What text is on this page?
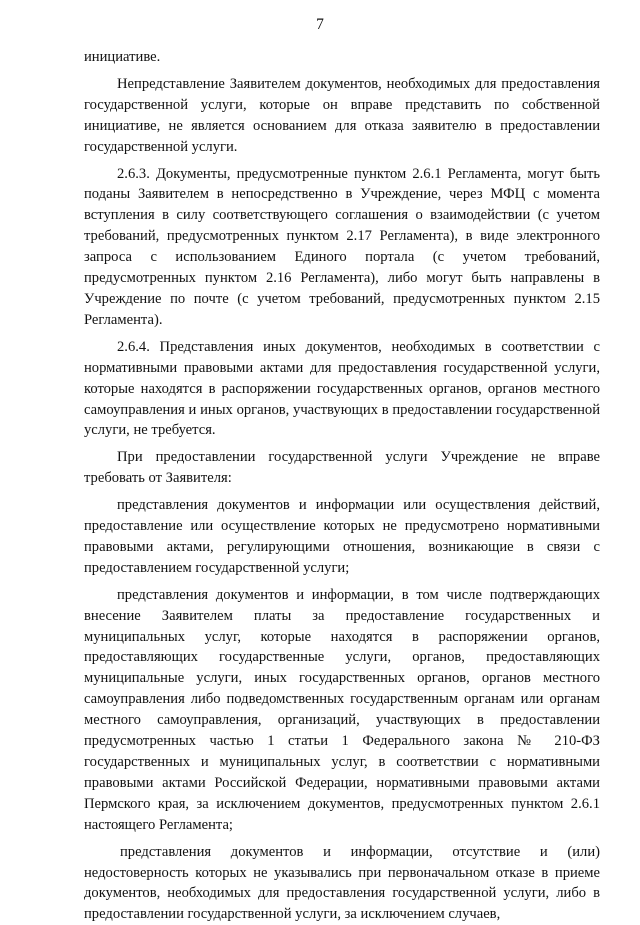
7

инициативе.

Непредставление Заявителем документов, необходимых для предоставления государственной услуги, которые он вправе представить по собственной инициативе, не является основанием для отказа заявителю в предоставлении государственной услуги.

2.6.3. Документы, предусмотренные пунктом 2.6.1 Регламента, могут быть поданы Заявителем в непосредственно в Учреждение, через МФЦ с момента вступления в силу соответствующего соглашения о взаимодействии (с учетом требований, предусмотренных пунктом 2.17 Регламента), в виде электронного запроса с использованием Единого портала (с учетом требований, предусмотренных пунктом 2.16 Регламента), либо могут быть направлены в Учреждение по почте (с учетом требований, предусмотренных пунктом 2.15 Регламента).

2.6.4. Представления иных документов, необходимых в соответствии с нормативными правовыми актами для предоставления государственной услуги, которые находятся в распоряжении государственных органов, органов местного самоуправления и иных органов, участвующих в предоставлении государственной услуги, не требуется.

При предоставлении государственной услуги Учреждение не вправе требовать от Заявителя:

представления документов и информации или осуществления действий, предоставление или осуществление которых не предусмотрено нормативными правовыми актами, регулирующими отношения, возникающие в связи с предоставлением государственной услуги;

представления документов и информации, в том числе подтверждающих внесение Заявителем платы за предоставление государственных и муниципальных услуг, которые находятся в распоряжении органов, предоставляющих государственные услуги, органов, предоставляющих муниципальные услуги, иных государственных органов, органов местного самоуправления либо подведомственных государственным органам или органам местного самоуправления, организаций, участвующих в предоставлении предусмотренных частью 1 статьи 1 Федерального закона № 210-ФЗ государственных и муниципальных услуг, в соответствии с нормативными правовыми актами Российской Федерации, нормативными правовыми актами Пермского края, за исключением документов, предусмотренных пунктом 2.6.1 настоящего Регламента;

представления документов и информации, отсутствие и (или) недостоверность которых не указывались при первоначальном отказе в приеме документов, необходимых для предоставления государственной услуги, либо в предоставлении государственной услуги, за исключением случаев,
